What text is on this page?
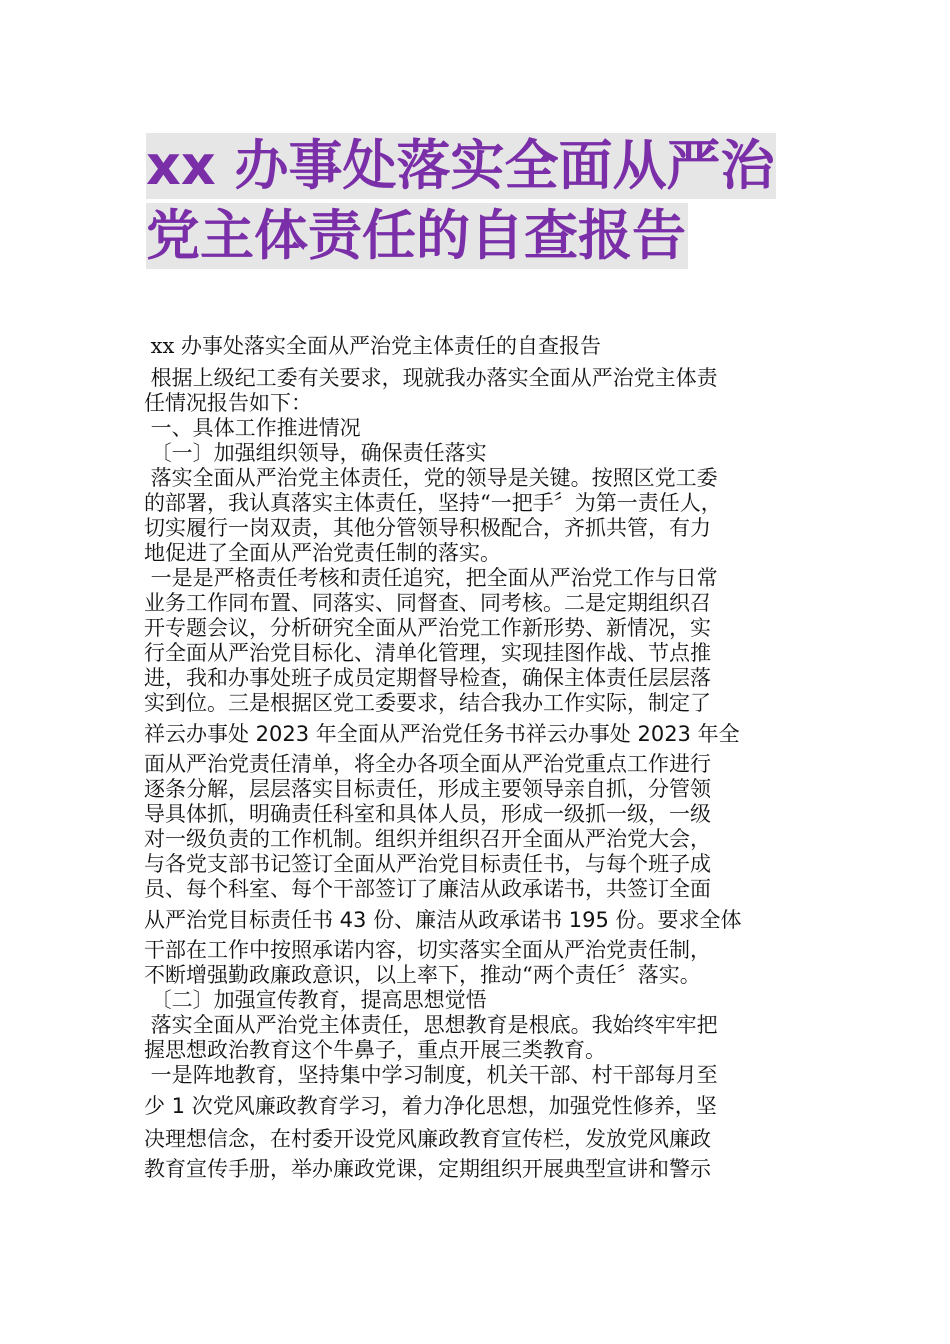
xx 办事处落实全面从严治
党主体责任的自查报告

xx 办事处落实全面从严治党主体责任的自查报告

根据上级纪工委有关要求，现就我办落实全面从严治党主体责

任情况报告如下：

一、具体工作推进情况

〔一〕加强组织领导，确保责任落实

落实全面从严治党主体责任，党的领导是关键。按照区党工委

的部署，我认真落实主体责任，坚持“一把手〞为第一责任人，

切实履行一岗双责，其他分管领导积极配合，齐抓共管，有力

地促进了全面从严治党责任制的落实。

一是是严格责任考核和责任追究，把全面从严治党工作与日常

业务工作同布置、同落实、同督查、同考核。二是定期组织召

开专题会议，分析研究全面从严治党工作新形势、新情况，实

行全面从严治党目标化、清单化管理，实现挂图作战、节点推

进，我和办事处班子成员定期督导检查，确保主体责任层层落

实到位。三是根据区党工委要求，结合我办工作实际，制定了

祥云办事处 2023 年全面从严治党任务书祥云办事处 2023 年全

面从严治党责任清单，将全办各项全面从严治党重点工作进行

逐条分解，层层落实目标责任，形成主要领导亲自抓，分管领

导具体抓，明确责任科室和具体人员，形成一级抓一级，一级

对一级负责的工作机制。组织并组织召开全面从严治党大会，

与各党支部书记签订全面从严治党目标责任书，与每个班子成

员、每个科室、每个干部签订了廉洁从政承诺书，共签订全面

从严治党目标责任书 43 份、廉洁从政承诺书 195 份。要求全体

干部在工作中按照承诺内容，切实落实全面从严治党责任制，

不断增强勤政廉政意识，以上率下，推动“两个责任〞落实。

〔二〕加强宣传教育，提高思想觉悟

落实全面从严治党主体责任，思想教育是根底。我始终牢牢把

握思想政治教育这个牛鼻子，重点开展三类教育。

一是阵地教育，坚持集中学习制度，机关干部、村干部每月至

少 1 次党风廉政教育学习，着力净化思想，加强党性修养，坚

决理想信念，在村委开设党风廉政教育宣传栏，发放党风廉政

教育宣传手册，举办廉政党课，定期组织开展典型宣讲和警示
